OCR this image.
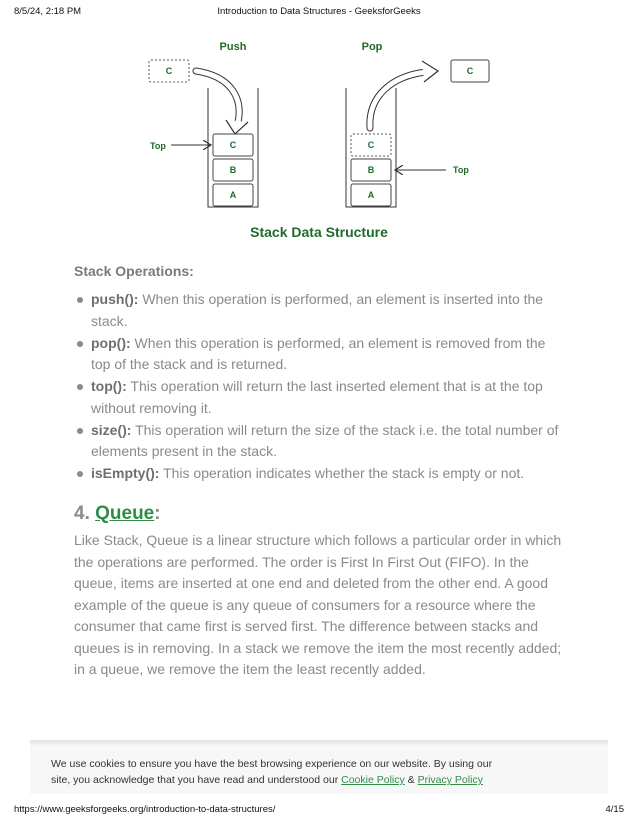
8/5/24, 2:18 PM	Introduction to Data Structures - GeeksforGeeks
Push	Pop
C
C
B
A
Top	C
B
A
C
Top
Stack Data Structure
Stack Operations:
push(): When this operation is performed, an element is inserted into the stack.
pop(): When this operation is performed, an element is removed from the top of the stack and is returned.
top(): This operation will return the last inserted element that is at the top without removing it.
size(): This operation will return the size of the stack i.e. the total number of elements present in the stack.
isEmpty(): This operation indicates whether the stack is empty or not.
4. Queue:

Like Stack, Queue is a linear structure which follows a particular order in which the operations are performed. The order is First In First Out (FIFO). In the queue, items are inserted at one end and deleted from the other end. A good example of the queue is any queue of consumers for a resource where the consumer that came first is served first. The difference between stacks and queues is in removing. In a stack we remove the item the most recently added; in a queue, we remove the item the least recently added.

We use cookies to ensure you have the best browsing experience on our website. By using our
site, you acknowledge that you have read and understood our Cookie Policy & Privacy Policy

https://www.geeksforgeeks.org/introduction-to-data-structures/	4/15
